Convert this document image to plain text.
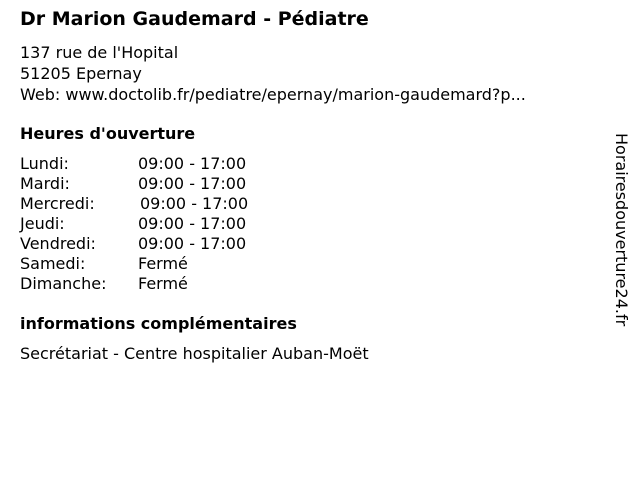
Dr Marion Gaudemard - Pédiatre
137 rue de l'Hopital
51205 Epernay
Web: www.doctolib.fr/pediatre/epernay/marion-gaudemard?p...
Heures d'ouverture
Lundi:	09:00 - 17:00
Mardi:	09:00 - 17:00
Mercredi:	09:00 - 17:00
Jeudi:	09:00 - 17:00
Vendredi:	09:00 - 17:00
Samedi:	Fermé
Dimanche: Fermé
informations complémentaires
Secrétariat - Centre hospitalier Auban-Moët
Horairesdouverture24.fr
